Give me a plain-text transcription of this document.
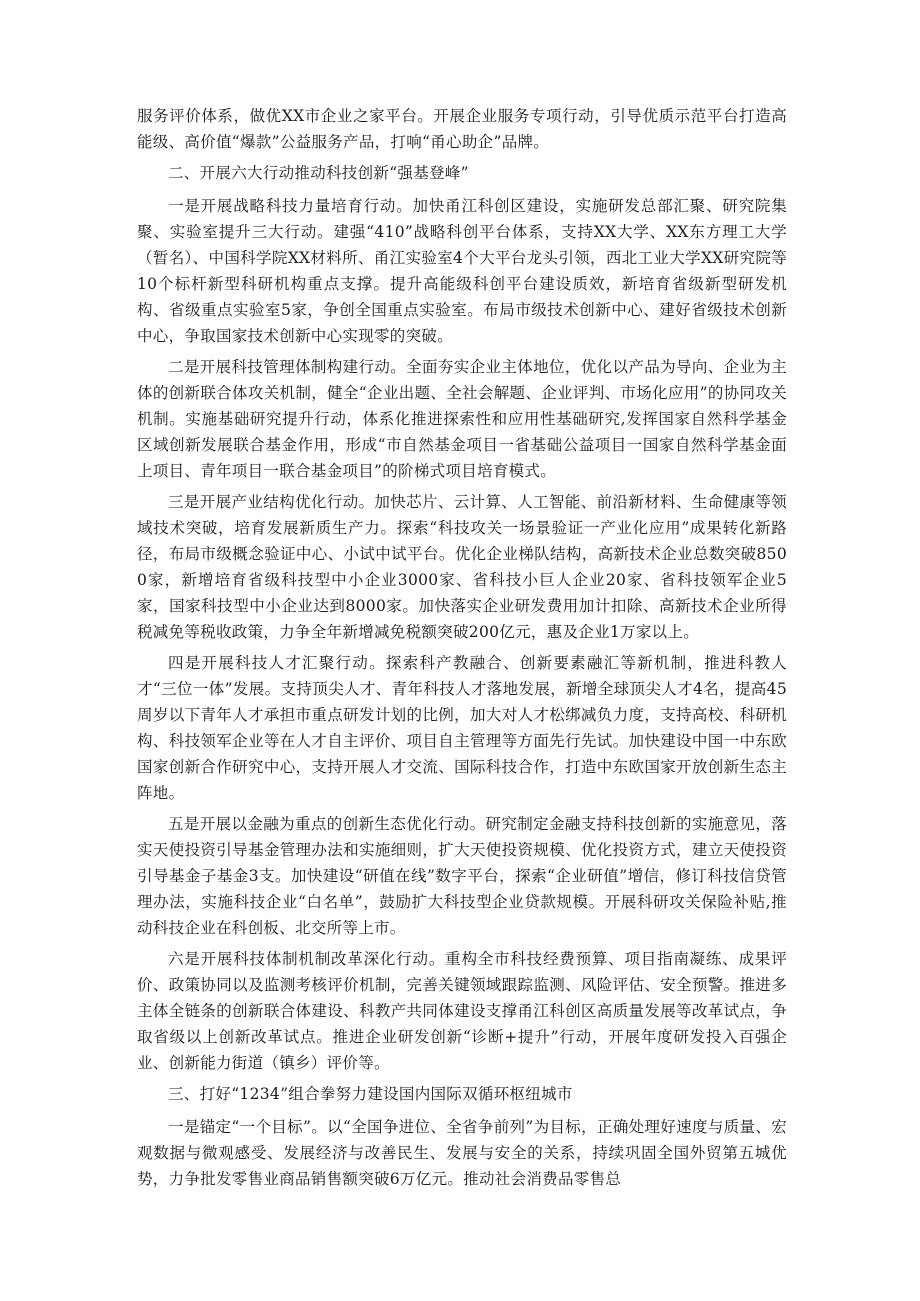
服务评价体系，做优XX市企业之家平台。开展企业服务专项行动，引导优质示范平台打造高能级、高价值“爆款”公益服务产品，打响“甬心助企”品牌。

二、开展六大行动推动科技创新“强基登峰”

一是开展战略科技力量培育行动。加快甬江科创区建设，实施研发总部汇聚、研究院集聚、实验室提升三大行动。建强“410”战略科创平台体系，支持XX大学、XX东方理工大学（暂名）、中国科学院XX材料所、甬江实验室4个大平台龙头引领，西北工业大学XX研究院等10个标杆新型科研机构重点支撑。提升高能级科创平台建设质效，新培育省级新型研发机构、省级重点实验室5家，争创全国重点实验室。布局市级技术创新中心、建好省级技术创新中心，争取国家技术创新中心实现零的突破。

二是开展科技管理体制构建行动。全面夯实企业主体地位，优化以产品为导向、企业为主体的创新联合体攻关机制，健全“企业出题、全社会解题、企业评判、市场化应用”的协同攻关机制。实施基础研究提升行动，体系化推进探索性和应用性基础研究,发挥国家自然科学基金区域创新发展联合基金作用，形成“市自然基金项目一省基础公益项目一国家自然科学基金面上项目、青年项目一联合基金项目”的阶梯式项目培育模式。

三是开展产业结构优化行动。加快芯片、云计算、人工智能、前沿新材料、生命健康等领域技术突破，培育发展新质生产力。探索“科技攻关一场景验证一产业化应用”成果转化新路径，布局市级概念验证中心、小试中试平台。优化企业梯队结构，高新技术企业总数突破8500家，新增培育省级科技型中小企业3000家、省科技小巨人企业20家、省科技领军企业5家，国家科技型中小企业达到8000家。加快落实企业研发费用加计扣除、高新技术企业所得税减免等税收政策，力争全年新增减免税额突破200亿元，惠及企业1万家以上。

四是开展科技人才汇聚行动。探索科产教融合、创新要素融汇等新机制，推进科教人才“三位一体”发展。支持顶尖人才、青年科技人才落地发展，新增全球顶尖人才4名，提高45周岁以下青年人才承担市重点研发计划的比例，加大对人才松绑减负力度，支持高校、科研机构、科技领军企业等在人才自主评价、项目自主管理等方面先行先试。加快建设中国一中东欧国家创新合作研究中心，支持开展人才交流、国际科技合作，打造中东欧国家开放创新生态主阵地。

五是开展以金融为重点的创新生态优化行动。研究制定金融支持科技创新的实施意见，落实天使投资引导基金管理办法和实施细则，扩大天使投资规模、优化投资方式，建立天使投资引导基金子基金3支。加快建设“研值在线”数字平台，探索“企业研值”增信，修订科技信贷管理办法，实施科技企业“白名单”，鼓励扩大科技型企业贷款规模。开展科研攻关保险补贴,推动科技企业在科创板、北交所等上市。

六是开展科技体制机制改革深化行动。重构全市科技经费预算、项目指南凝练、成果评价、政策协同以及监测考核评价机制，完善关键领域跟踪监测、风险评估、安全预警。推进多主体全链条的创新联合体建设、科教产共同体建设支撑甬江科创区高质量发展等改革试点，争取省级以上创新改革试点。推进企业研发创新“诊断+提升”行动，开展年度研发投入百强企业、创新能力街道（镇乡）评价等。

三、打好“1234”组合拳努力建设国内国际双循环枢纽城市

一是锚定“一个目标”。以“全国争进位、全省争前列”为目标，正确处理好速度与质量、宏观数据与微观感受、发展经济与改善民生、发展与安全的关系，持续巩固全国外贸第五城优势，力争批发零售业商品销售额突破6万亿元。推动社会消费品零售总
